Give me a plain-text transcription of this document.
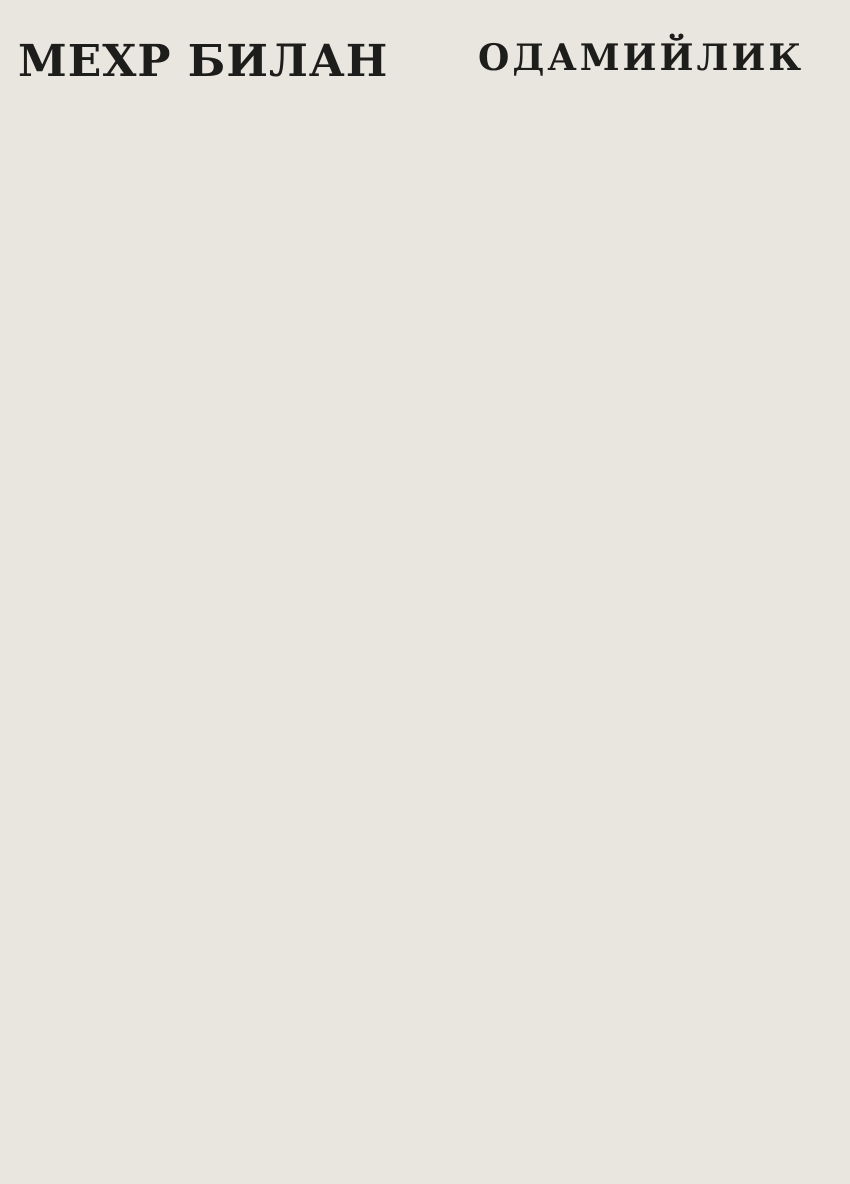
МЕХР БИЛАН ОДАМИЙЛИК
